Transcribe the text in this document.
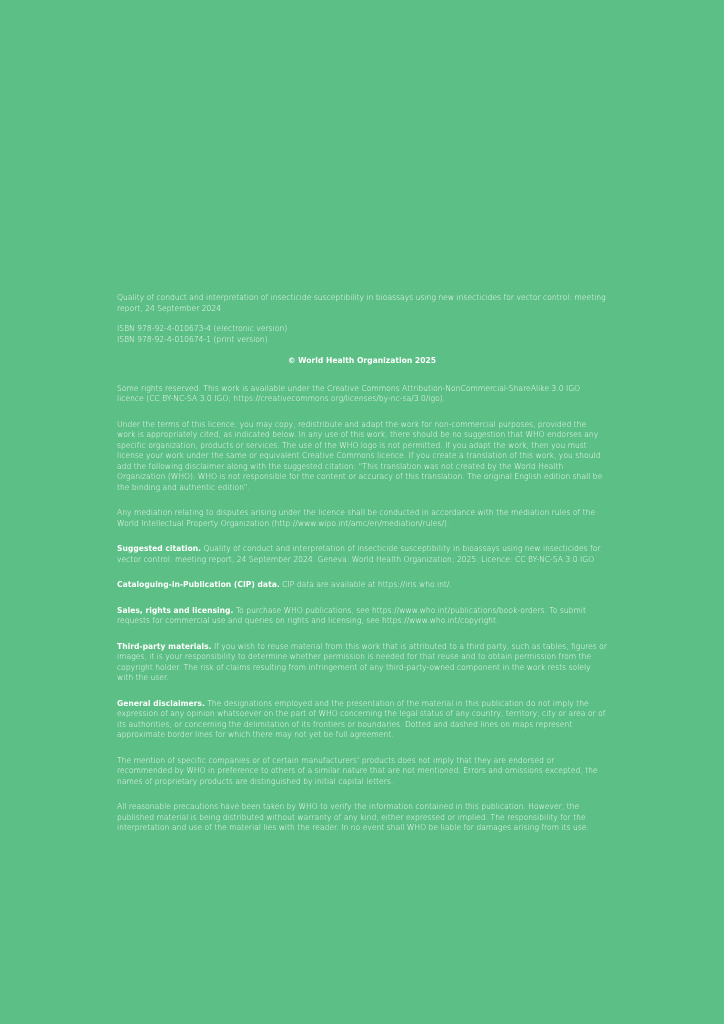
Quality of conduct and interpretation of insecticide susceptibility in bioassays using new insecticides for vector control: meeting report, 24 September 2024

ISBN 978-92-4-010673-4 (electronic version)

ISBN 978-92-4-010674-1 (print version)

© World Health Organization 2025

Some rights reserved. This work is available under the Creative Commons Attribution-NonCommercial-ShareAlike 3.0 IGO licence (CC BY-NC-SA 3.0 IGO; https://creativecommons.org/licenses/by-nc-sa/3.0/igo).

Under the terms of this licence, you may copy, redistribute and adapt the work for non-commercial purposes, provided the work is appropriately cited, as indicated below. In any use of this work, there should be no suggestion that WHO endorses any specific organization, products or services. The use of the WHO logo is not permitted. If you adapt the work, then you must license your work under the same or equivalent Creative Commons licence. If you create a translation of this work, you should add the following disclaimer along with the suggested citation: “This translation was not created by the World Health Organization (WHO). WHO is not responsible for the content or accuracy of this translation. The original English edition shall be the binding and authentic edition”.

Any mediation relating to disputes arising under the licence shall be conducted in accordance with the mediation rules of the World Intellectual Property Organization (http://www.wipo.int/amc/en/mediation/rules/).

Suggested citation. Quality of conduct and interpretation of insecticide susceptibility in bioassays using new insecticides for vector control: meeting report, 24 September 2024. Geneva: World Health Organization; 2025. Licence: CC BY-NC-SA 3.0 IGO.

Cataloguing-in-Publication (CIP) data. CIP data are available at https://iris.who.int/.

Sales, rights and licensing. To purchase WHO publications, see https://www.who.int/publications/book-orders. To submit requests for commercial use and queries on rights and licensing, see https://www.who.int/copyright.

Third-party materials. If you wish to reuse material from this work that is attributed to a third party, such as tables, figures or images, it is your responsibility to determine whether permission is needed for that reuse and to obtain permission from the copyright holder. The risk of claims resulting from infringement of any third-party-owned component in the work rests solely with the user.

General disclaimers. The designations employed and the presentation of the material in this publication do not imply the expression of any opinion whatsoever on the part of WHO concerning the legal status of any country, territory, city or area or of its authorities, or concerning the delimitation of its frontiers or boundaries. Dotted and dashed lines on maps represent approximate border lines for which there may not yet be full agreement.

The mention of specific companies or of certain manufacturers’ products does not imply that they are endorsed or recommended by WHO in preference to others of a similar nature that are not mentioned. Errors and omissions excepted, the names of proprietary products are distinguished by initial capital letters.

All reasonable precautions have been taken by WHO to verify the information contained in this publication. However, the published material is being distributed without warranty of any kind, either expressed or implied. The responsibility for the interpretation and use of the material lies with the reader. In no event shall WHO be liable for damages arising from its use.
